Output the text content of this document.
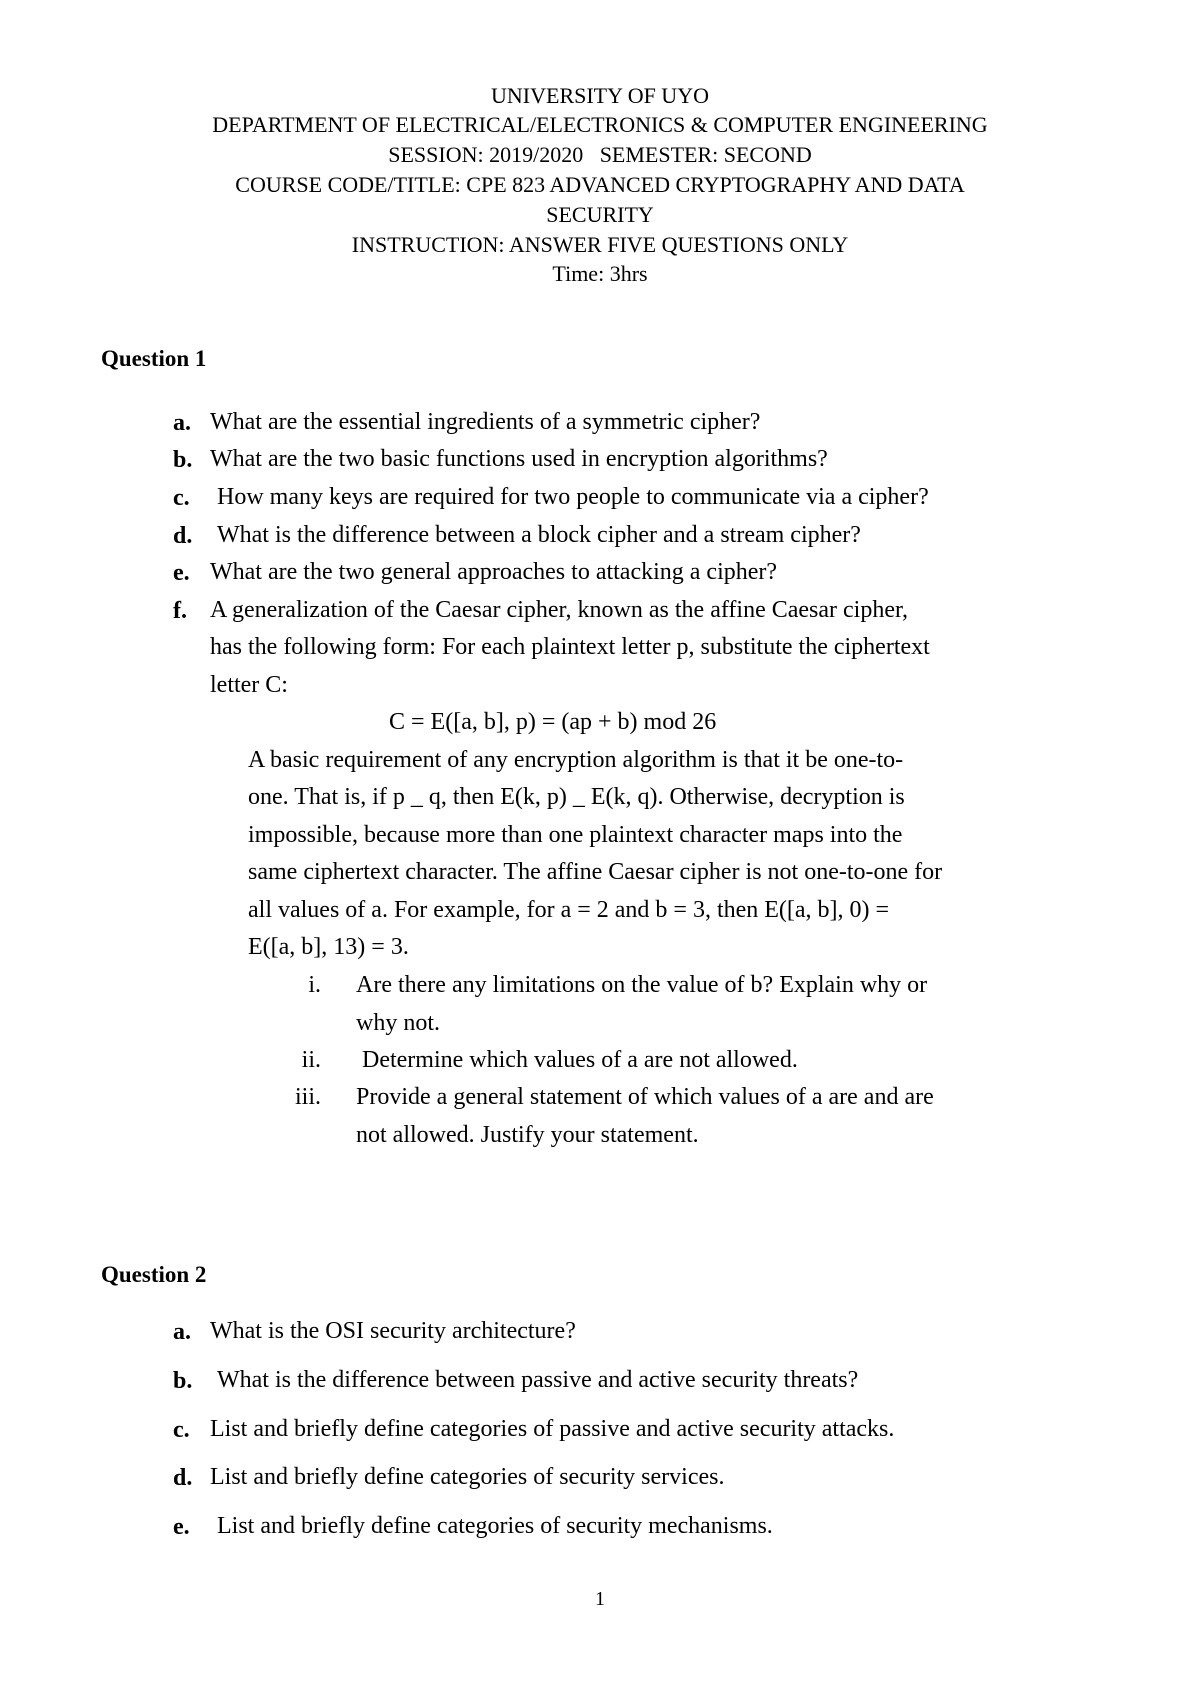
UNIVERSITY OF UYO
DEPARTMENT OF ELECTRICAL/ELECTRONICS & COMPUTER ENGINEERING
SESSION: 2019/2020   SEMESTER: SECOND
COURSE CODE/TITLE: CPE 823 ADVANCED CRYPTOGRAPHY AND DATA
SECURITY
INSTRUCTION: ANSWER FIVE QUESTIONS ONLY
Time: 3hrs
Question 1
a. What are the essential ingredients of a symmetric cipher?
b. What are the two basic functions used in encryption algorithms?
c. How many keys are required for two people to communicate via a cipher?
d. What is the difference between a block cipher and a stream cipher?
e. What are the two general approaches to attacking a cipher?
f. A generalization of the Caesar cipher, known as the affine Caesar cipher,
has the following form: For each plaintext letter p, substitute the ciphertext
letter C:
C = E([a, b], p) = (ap + b) mod 26
A basic requirement of any encryption algorithm is that it be one-to-
one. That is, if p _ q, then E(k, p) _ E(k, q). Otherwise, decryption is
impossible, because more than one plaintext character maps into the
same ciphertext character. The affine Caesar cipher is not one-to-one for
all values of a. For example, for a = 2 and b = 3, then E([a, b], 0) =
E([a, b], 13) = 3.
i. Are there any limitations on the value of b? Explain why or
why not.
ii. Determine which values of a are not allowed.
iii. Provide a general statement of which values of a are and are
not allowed. Justify your statement.
Question 2
a. What is the OSI security architecture?
b. What is the difference between passive and active security threats?
c. List and briefly define categories of passive and active security attacks.
d. List and briefly define categories of security services.
e. List and briefly define categories of security mechanisms.
1
